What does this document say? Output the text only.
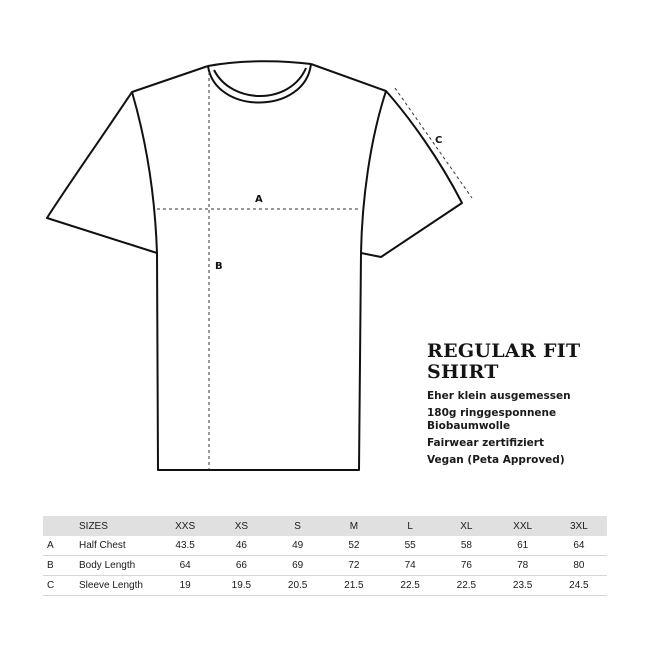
A
B
C
REGULAR FIT
SHIRT
Eher klein ausgemessen
180g ringgesponnene Biobaumwolle
Fairwear zertifiziert
Vegan (Peta Approved)
	SIZES	XXS	XS	S	M	L	XL	XXL	3XL
A	Half Chest	43.5	46	49	52	55	58	61	64
B	Body Length	64	66	69	72	74	76	78	80
C	Sleeve Length	19	19.5	20.5	21.5	22.5	22.5	23.5	24.5
